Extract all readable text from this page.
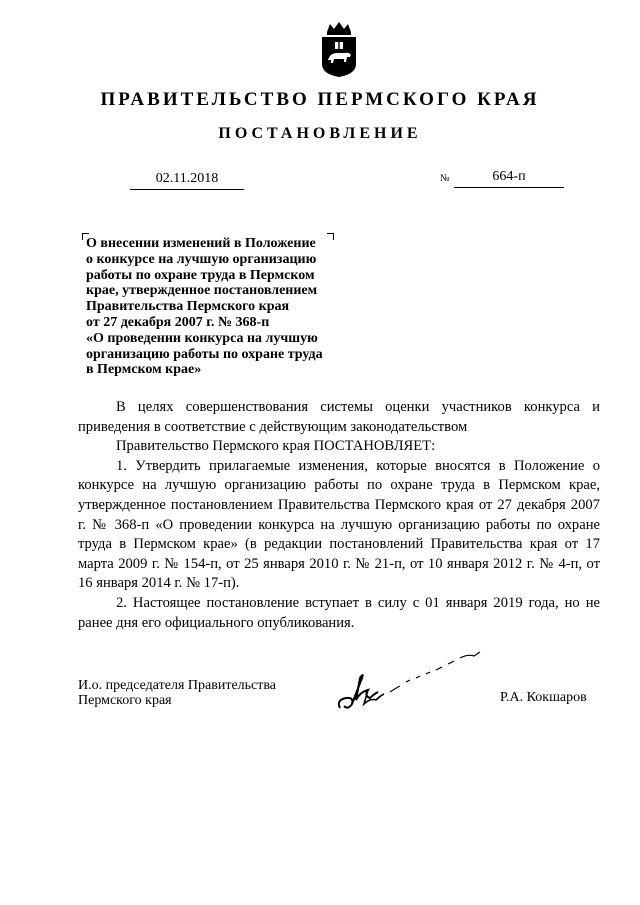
ПРАВИТЕЛЬСТВО ПЕРМСКОГО КРАЯ
ПОСТАНОВЛЕНИЕ
02.11.2018	№	664-п
О внесении изменений в Положение
о конкурсе на лучшую организацию
работы по охране труда в Пермском
крае, утвержденное постановлением
Правительства Пермского края
от 27 декабря 2007 г. № 368-п
«О проведении конкурса на лучшую
организацию работы по охране труда
в Пермском крае»

В целях совершенствования системы оценки участников конкурса и приведения в соответствие с действующим законодательством

Правительство Пермского края ПОСТАНОВЛЯЕТ:

1. Утвердить прилагаемые изменения, которые вносятся в Положение о конкурсе на лучшую организацию работы по охране труда в Пермском крае, утвержденное постановлением Правительства Пермского края от 27 декабря 2007 г. № 368-п «О проведении конкурса на лучшую организацию работы по охране труда в Пермском крае» (в редакции постановлений Правительства края от 17 марта 2009 г. № 154-п, от 25 января 2010 г. № 21-п, от 10 января 2012 г. № 4-п, от 16 января 2014 г. № 17-п).

2. Настоящее постановление вступает в силу с 01 января 2019 года, но не ранее дня его официального опубликования.

И.о. председателя Правительства
Пермского края	Р.А. Кокшаров
